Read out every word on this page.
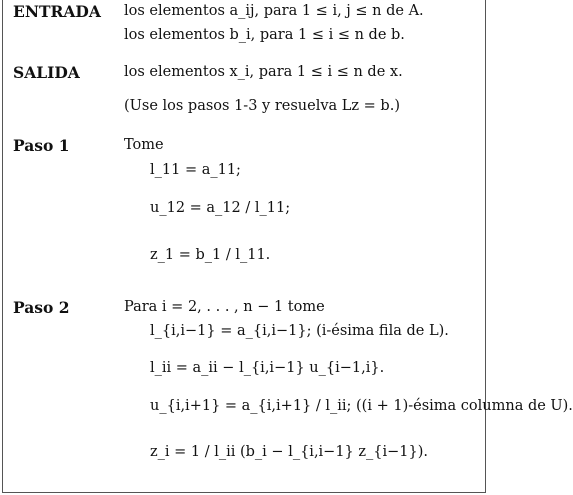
ENTRADA los elementos a_ij, para 1 ≤ i, j ≤ n de A.
los elementos b_i, para 1 ≤ i ≤ n de b.
SALIDA	los elementos x_i, para 1 ≤ i ≤ n de x.
(Use los pasos 1-3 y resuelva Lz = b.)
Paso 1	Tome
l_11 = a_11;
u_12 = a_12 / l_11;
z_1 = b_1 / l_11.
Paso 2	Para i = 2, . . . , n − 1 tome
l_{i,i−1} = a_{i,i−1}; (i-ésima fila de L).
l_ii = a_ii − l_{i,i−1} u_{i−1,i}.
u_{i,i+1} = a_{i,i+1} / l_ii; ((i + 1)-ésima columna de U).
z_i = 1 / l_ii (b_i − l_{i,i−1} z_{i−1}).
